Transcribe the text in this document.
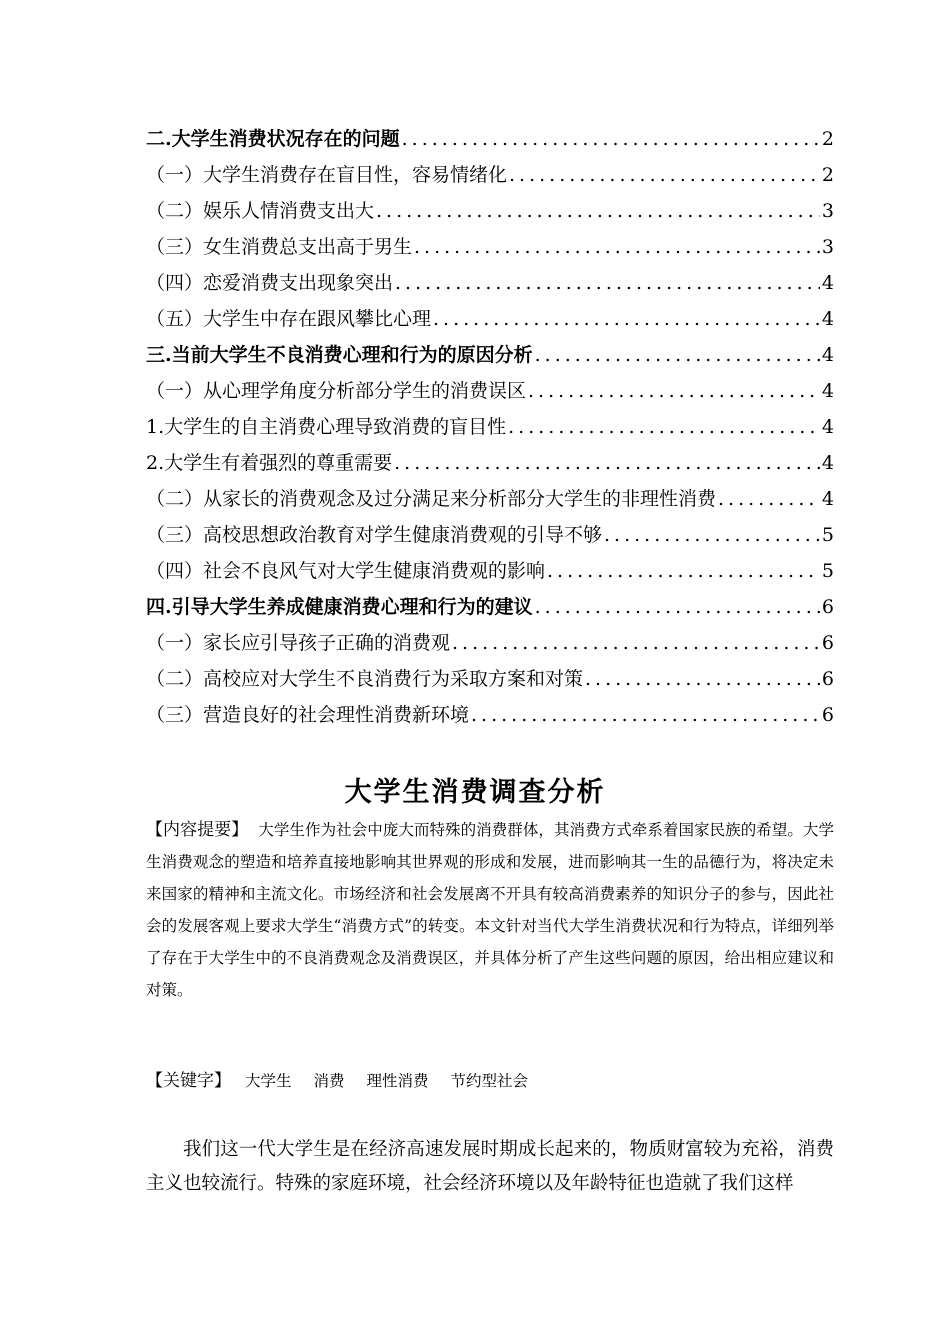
二.大学生消费状况存在的问题 .....	2
（一）大学生消费存在盲目性，容易情绪化 .....	2
（二）娱乐人情消费支出大 .....	3
（三）女生消费总支出高于男生 .....	3
（四）恋爱消费支出现象突出 .....	4
（五）大学生中存在跟风攀比心理 .....	4
三.当前大学生不良消费心理和行为的原因分析 .....	4
（一）从心理学角度分析部分学生的消费误区 .....	4
1.大学生的自主消费心理导致消费的盲目性 .....	4
2.大学生有着强烈的尊重需要 .....	4
（二）从家长的消费观念及过分满足来分析部分大学生的非理性消费 .....	4
（三）高校思想政治教育对学生健康消费观的引导不够 .....	5
（四）社会不良风气对大学生健康消费观的影响 .....	5
四.引导大学生养成健康消费心理和行为的建议 .....	6
（一）家长应引导孩子正确的消费观 .....	6
（二）高校应对大学生不良消费行为采取方案和对策 .....	6
（三）营造良好的社会理性消费新环境 .....	6
大学生消费调查分析
【内容提要】 大学生作为社会中庞大而特殊的消费群体，其消费方式牵系着国家民族的希望。大学生消费观念的塑造和培养直接地影响其世界观的形成和发展，进而影响其一生的品德行为，将决定未来国家的精神和主流文化。市场经济和社会发展离不开具有较高消费素养的知识分子的参与，因此社会的发展客观上要求大学生“消费方式”的转变。本文针对当代大学生消费状况和行为特点，详细列举了存在于大学生中的不良消费观念及消费误区，并具体分析了产生这些问题的原因，给出相应建议和对策。
【关键字】 大学生 消费 理性消费 节约型社会
我们这一代大学生是在经济高速发展时期成长起来的，物质财富较为充裕，消费主义也较流行。特殊的家庭环境，社会经济环境以及年龄特征也造就了我们这样
